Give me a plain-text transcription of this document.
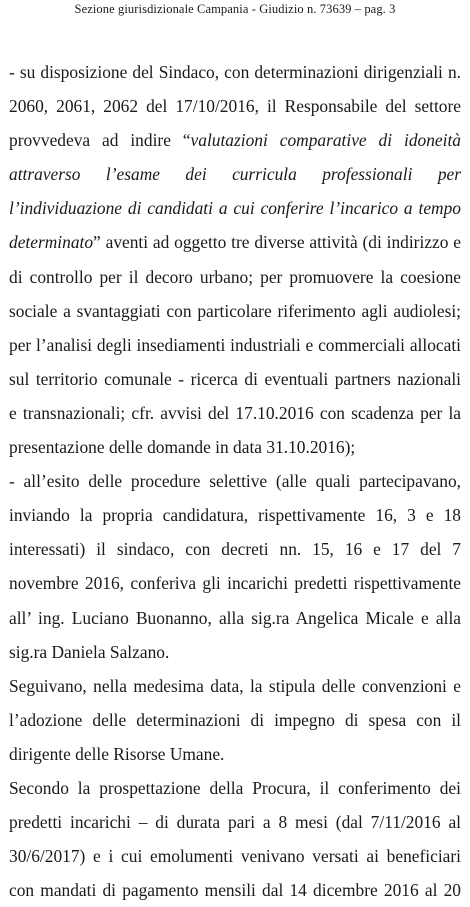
Sezione giurisdizionale Campania - Giudizio n. 73639 – pag. 3

- su disposizione del Sindaco, con determinazioni dirigenziali n.
2060, 2061, 2062 del 17/10/2016, il Responsabile del settore
provvedeva ad indire “valutazioni comparative di idoneità
attraverso l’esame dei curricula professionali per
l’individuazione di candidati a cui conferire l’incarico a tempo
determinato” aventi ad oggetto tre diverse attività (di indirizzo e
di controllo per il decoro urbano; per promuovere la coesione
sociale a svantaggiati con particolare riferimento agli audiolesi;
per l’analisi degli insediamenti industriali e commerciali allocati
sul territorio comunale - ricerca di eventuali partners nazionali
e transnazionali; cfr. avvisi del 17.10.2016 con scadenza per la
presentazione delle domande in data 31.10.2016);

- all’esito delle procedure selettive (alle quali partecipavano,
inviando la propria candidatura, rispettivamente 16, 3 e 18
interessati) il sindaco, con decreti nn. 15, 16 e 17 del 7
novembre 2016, conferiva gli incarichi predetti rispettivamente
all’ ing. Luciano Buonanno, alla sig.ra Angelica Micale e alla
sig.ra Daniela Salzano.

Seguivano, nella medesima data, la stipula delle convenzioni e
l’adozione delle determinazioni di impegno di spesa con il
dirigente delle Risorse Umane.

Secondo la prospettazione della Procura, il conferimento dei
predetti incarichi – di durata pari a 8 mesi (dal 7/11/2016 al
30/6/2017) e i cui emolumenti venivano versati ai beneficiari
con mandati di pagamento mensili dal 14 dicembre 2016 al 20
